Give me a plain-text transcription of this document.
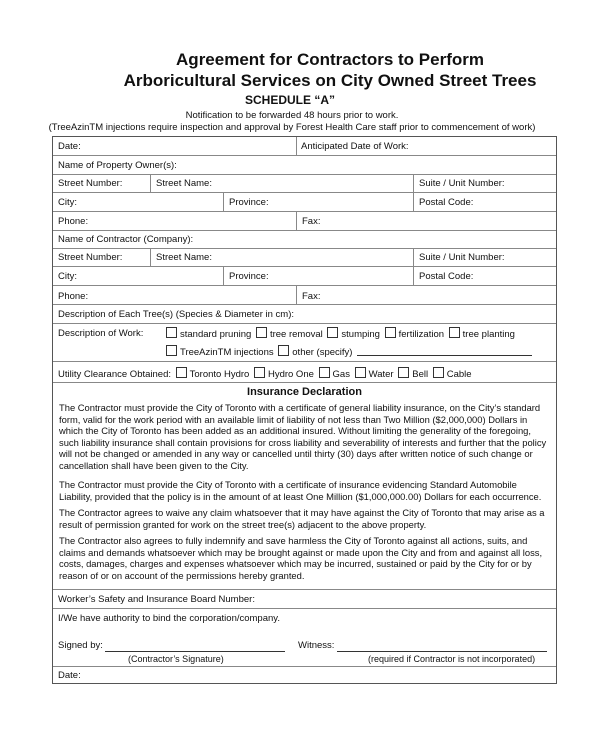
Agreement for Contractors to Perform
Arboricultural Services on City Owned Street Trees
SCHEDULE “A”
Notification to be forwarded 48 hours prior to work.
(TreeAzinTM injections require inspection and approval by Forest Health Care staff prior to commencement of work)
Date:	Anticipated Date of Work:
Name of Property Owner(s):
Street Number:	Street Name:	Suite / Unit Number:
City:	Province:	Postal Code:
Phone:	Fax:
Name of Contractor (Company):
Street Number:	Street Name:	Suite / Unit Number:
City:	Province:	Postal Code:
Phone:	Fax:
Description of Each Tree(s) (Species & Diameter in cm):
Description of Work:	standard pruning tree removal stumping fertilization tree planting
TreeAzinTM injections other (specify)
Utility Clearance Obtained: Toronto Hydro Hydro One Gas Water Bell Cable
Insurance Declaration
The Contractor must provide the City of Toronto with a certificate of general liability insurance, on the City’s standard form, valid for the work period with an available limit of liability of not less than Two Million ($2,000,000) Dollars in which the City of Toronto has been added as an additional insured. Without limiting the generality of the foregoing, such liability insurance shall contain provisions for cross liability and severability of interests and further that the policy will not be changed or amended in any way or cancelled until thirty (30) days after written notice of such change or cancellation shall have been given to the City.
The Contractor must provide the City of Toronto with a certificate of insurance evidencing Standard Automobile Liability, provided that the policy is in the amount of at least One Million ($1,000,000.00) Dollars for each occurrence.
The Contractor agrees to waive any claim whatsoever that it may have against the City of Toronto that may arise as a result of permission granted for work on the street tree(s) adjacent to the above property.
The Contractor also agrees to fully indemnify and save harmless the City of Toronto against all actions, suits, and claims and demands whatsoever which may be brought against or made upon the City and from and against all loss, costs, damages, charges and expenses whatsoever which may be incurred, sustained or paid by the City for or by reason of or on account of the permissions hereby granted.
Worker’s Safety and Insurance Board Number:
I/We have authority to bind the corporation/company.
Signed by:
(Contractor’s Signature)
Witness:
(required if Contractor is not incorporated)
Date:
